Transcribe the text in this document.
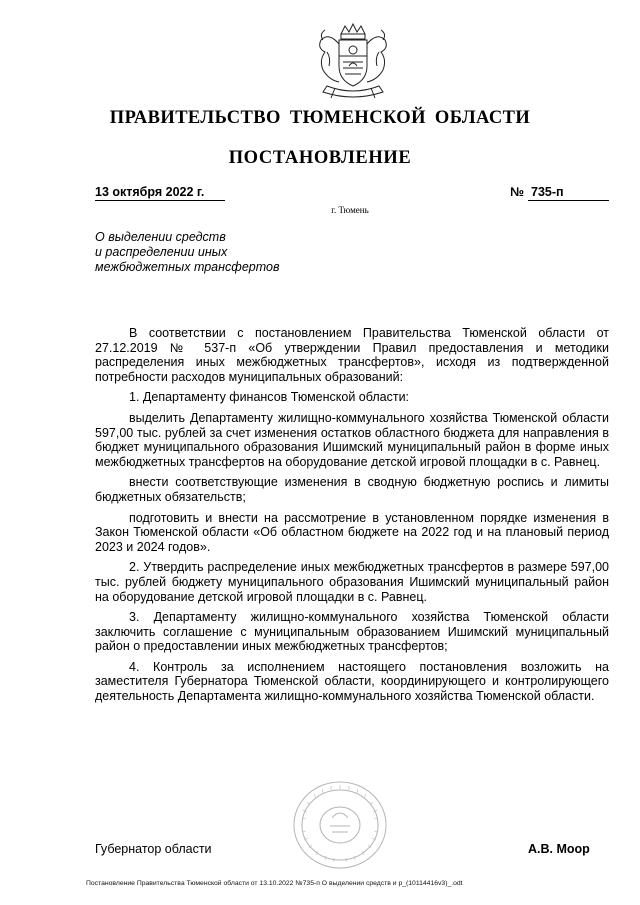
ПРАВИТЕЛЬСТВО ТЮМЕНСКОЙ ОБЛАСТИ
ПОСТАНОВЛЕНИЕ
13 октября 2022 г.	№ 735-п
г. Тюмень
О выделении средств
и распределении иных
межбюджетных трансфертов

В соответствии с постановлением Правительства Тюменской области от 27.12.2019 № 537-п «Об утверждении Правил предоставления и методики распределения иных межбюджетных трансфертов», исходя из подтвержденной потребности расходов муниципальных образований:

1. Департаменту финансов Тюменской области:

выделить Департаменту жилищно-коммунального хозяйства Тюменской области 597,00 тыс. рублей за счет изменения остатков областного бюджета для направления в бюджет муниципального образования Ишимский муниципальный район в форме иных межбюджетных трансфертов на оборудование детской игровой площадки в с. Равнец.

внести соответствующие изменения в сводную бюджетную роспись и лимиты бюджетных обязательств;

подготовить и внести на рассмотрение в установленном порядке изменения в Закон Тюменской области «Об областном бюджете на 2022 год и на плановый период 2023 и 2024 годов».

2. Утвердить распределение иных межбюджетных трансфертов в размере 597,00 тыс. рублей бюджету муниципального образования Ишимский муниципальный район на оборудование детской игровой площадки в с. Равнец.

3. Департаменту жилищно-коммунального хозяйства Тюменской области заключить соглашение с муниципальным образованием Ишимский муниципальный район о предоставлении иных межбюджетных трансфертов;

4. Контроль за исполнением настоящего постановления возложить на заместителя Губернатора Тюменской области, координирующего и контролирующего деятельность Департамента жилищно-коммунального хозяйства Тюменской области.

Губернатор области	А.В. Моор
Постановление Правительства Тюменской области от 13.10.2022 №735-п О выделении средств и р_(10114416v3)_.odt
